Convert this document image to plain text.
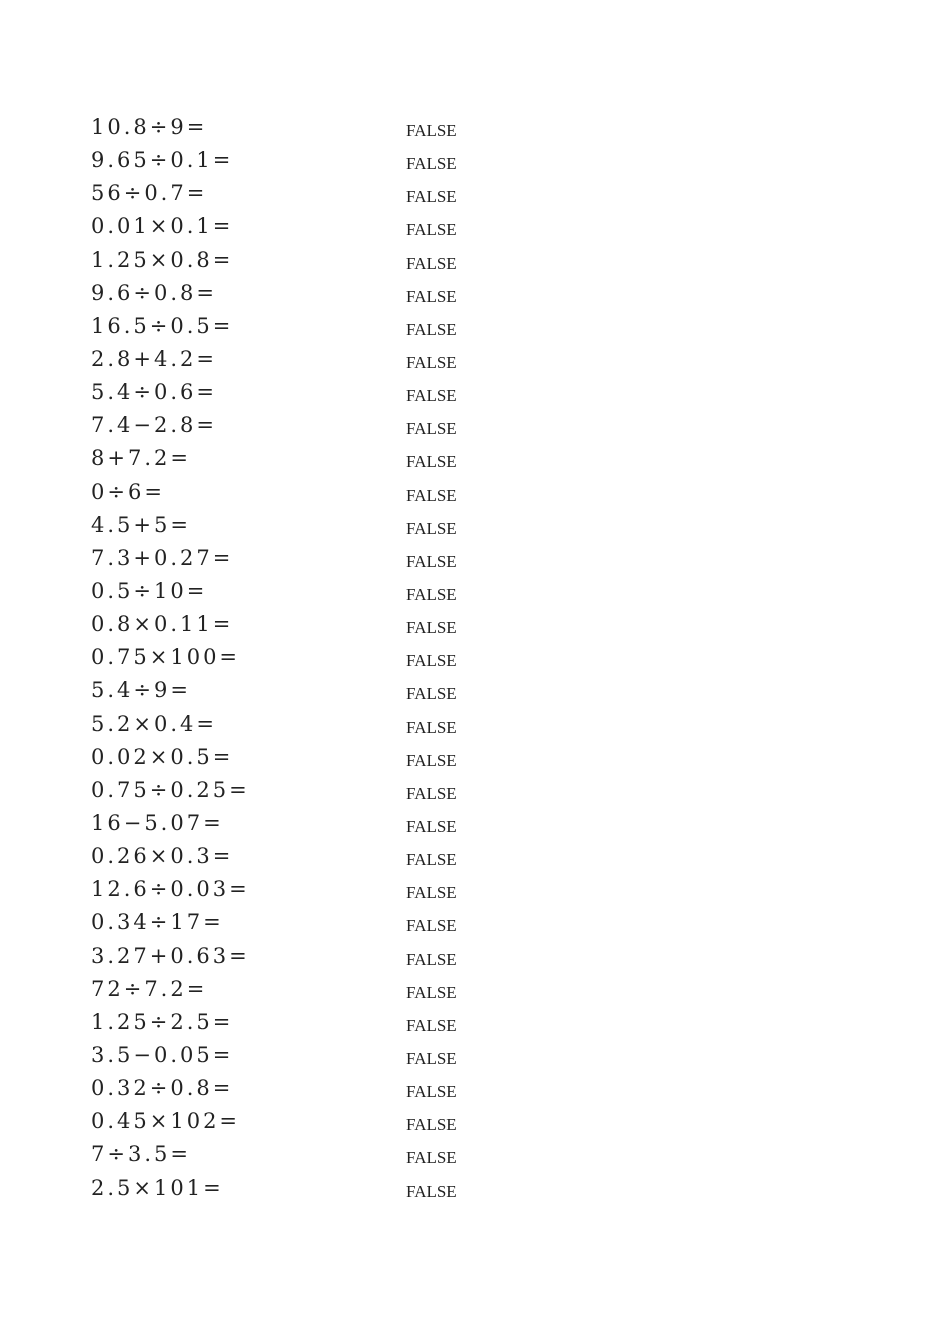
10.8÷9=	FALSE
9.65÷0.1=	FALSE
56÷0.7=	FALSE
0.01×0.1=	FALSE
1.25×0.8=	FALSE
9.6÷0.8=	FALSE
16.5÷0.5=	FALSE
2.8+4.2=	FALSE
5.4÷0.6=	FALSE
7.4−2.8=	FALSE
8+7.2=	FALSE
0÷6=	FALSE
4.5+5=	FALSE
7.3+0.27=	FALSE
0.5÷10=	FALSE
0.8×0.11=	FALSE
0.75×100=	FALSE
5.4÷9=	FALSE
5.2×0.4=	FALSE
0.02×0.5=	FALSE
0.75÷0.25=	FALSE
16−5.07=	FALSE
0.26×0.3=	FALSE
12.6÷0.03=	FALSE
0.34÷17=	FALSE
3.27+0.63=	FALSE
72÷7.2=	FALSE
1.25÷2.5=	FALSE
3.5−0.05=	FALSE
0.32÷0.8=	FALSE
0.45×102=	FALSE
7÷3.5=	FALSE
2.5×101=	FALSE
